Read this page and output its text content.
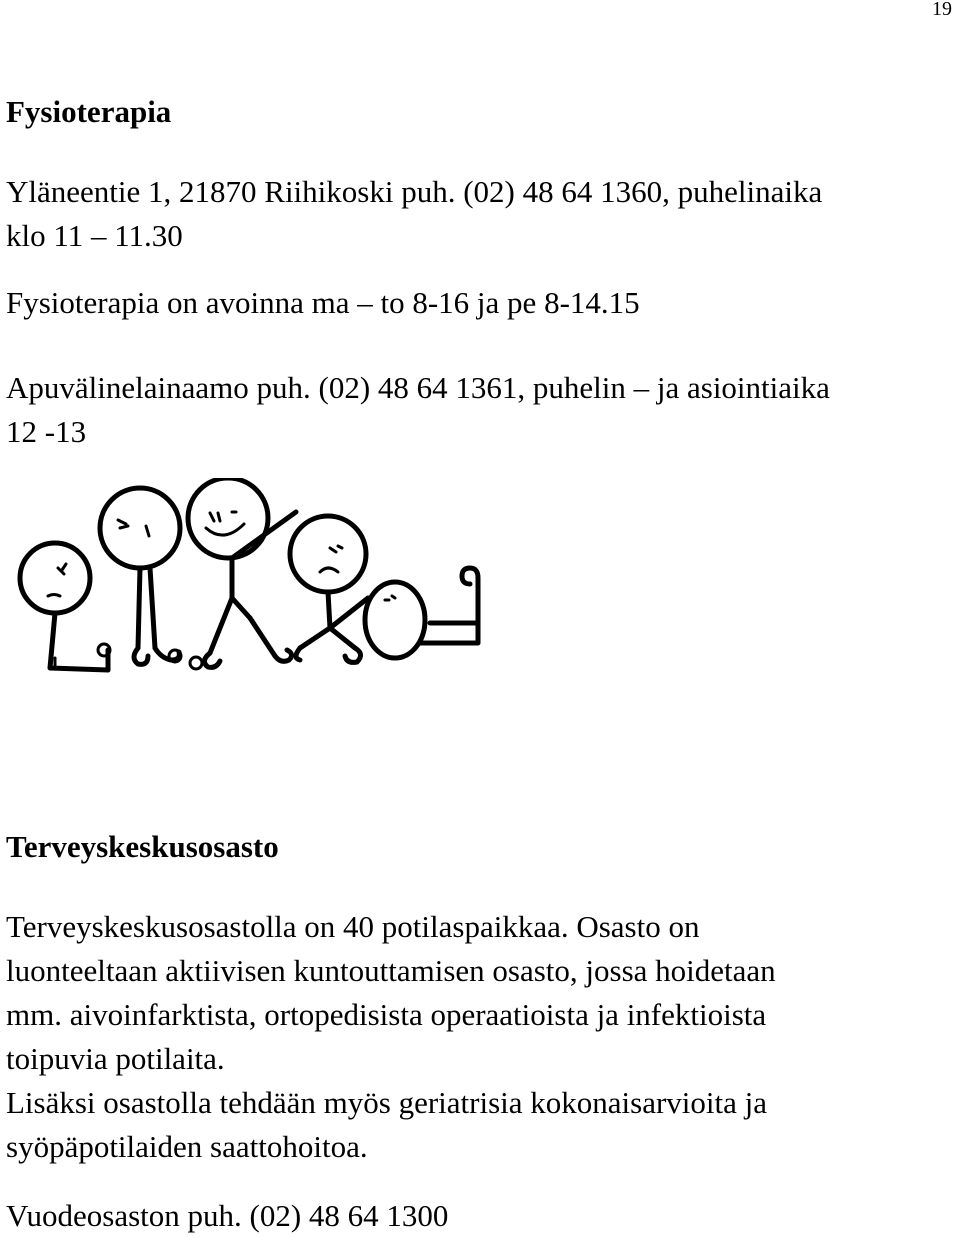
19
Fysioterapia

Yläneentie 1, 21870 Riihikoski puh. (02) 48 64 1360, puhelinaika
klo 11 – 11.30

Fysioterapia on avoinna ma – to 8-16 ja pe 8-14.15

Apuvälinelainaamo puh. (02) 48 64 1361, puhelin – ja asiointiaika
12 -13

Terveyskeskusosasto

Terveyskeskusosastolla on 40 potilaspaikkaa. Osasto on
luonteeltaan aktiivisen kuntouttamisen osasto, jossa hoidetaan
mm. aivoinfarktista, ortopedisista operaatioista ja infektioista
toipuvia potilaita.
Lisäksi osastolla tehdään myös geriatrisia kokonaisarvioita ja
syöpäpotilaiden saattohoitoa.

Vuodeosaston puh. (02) 48 64 1300
